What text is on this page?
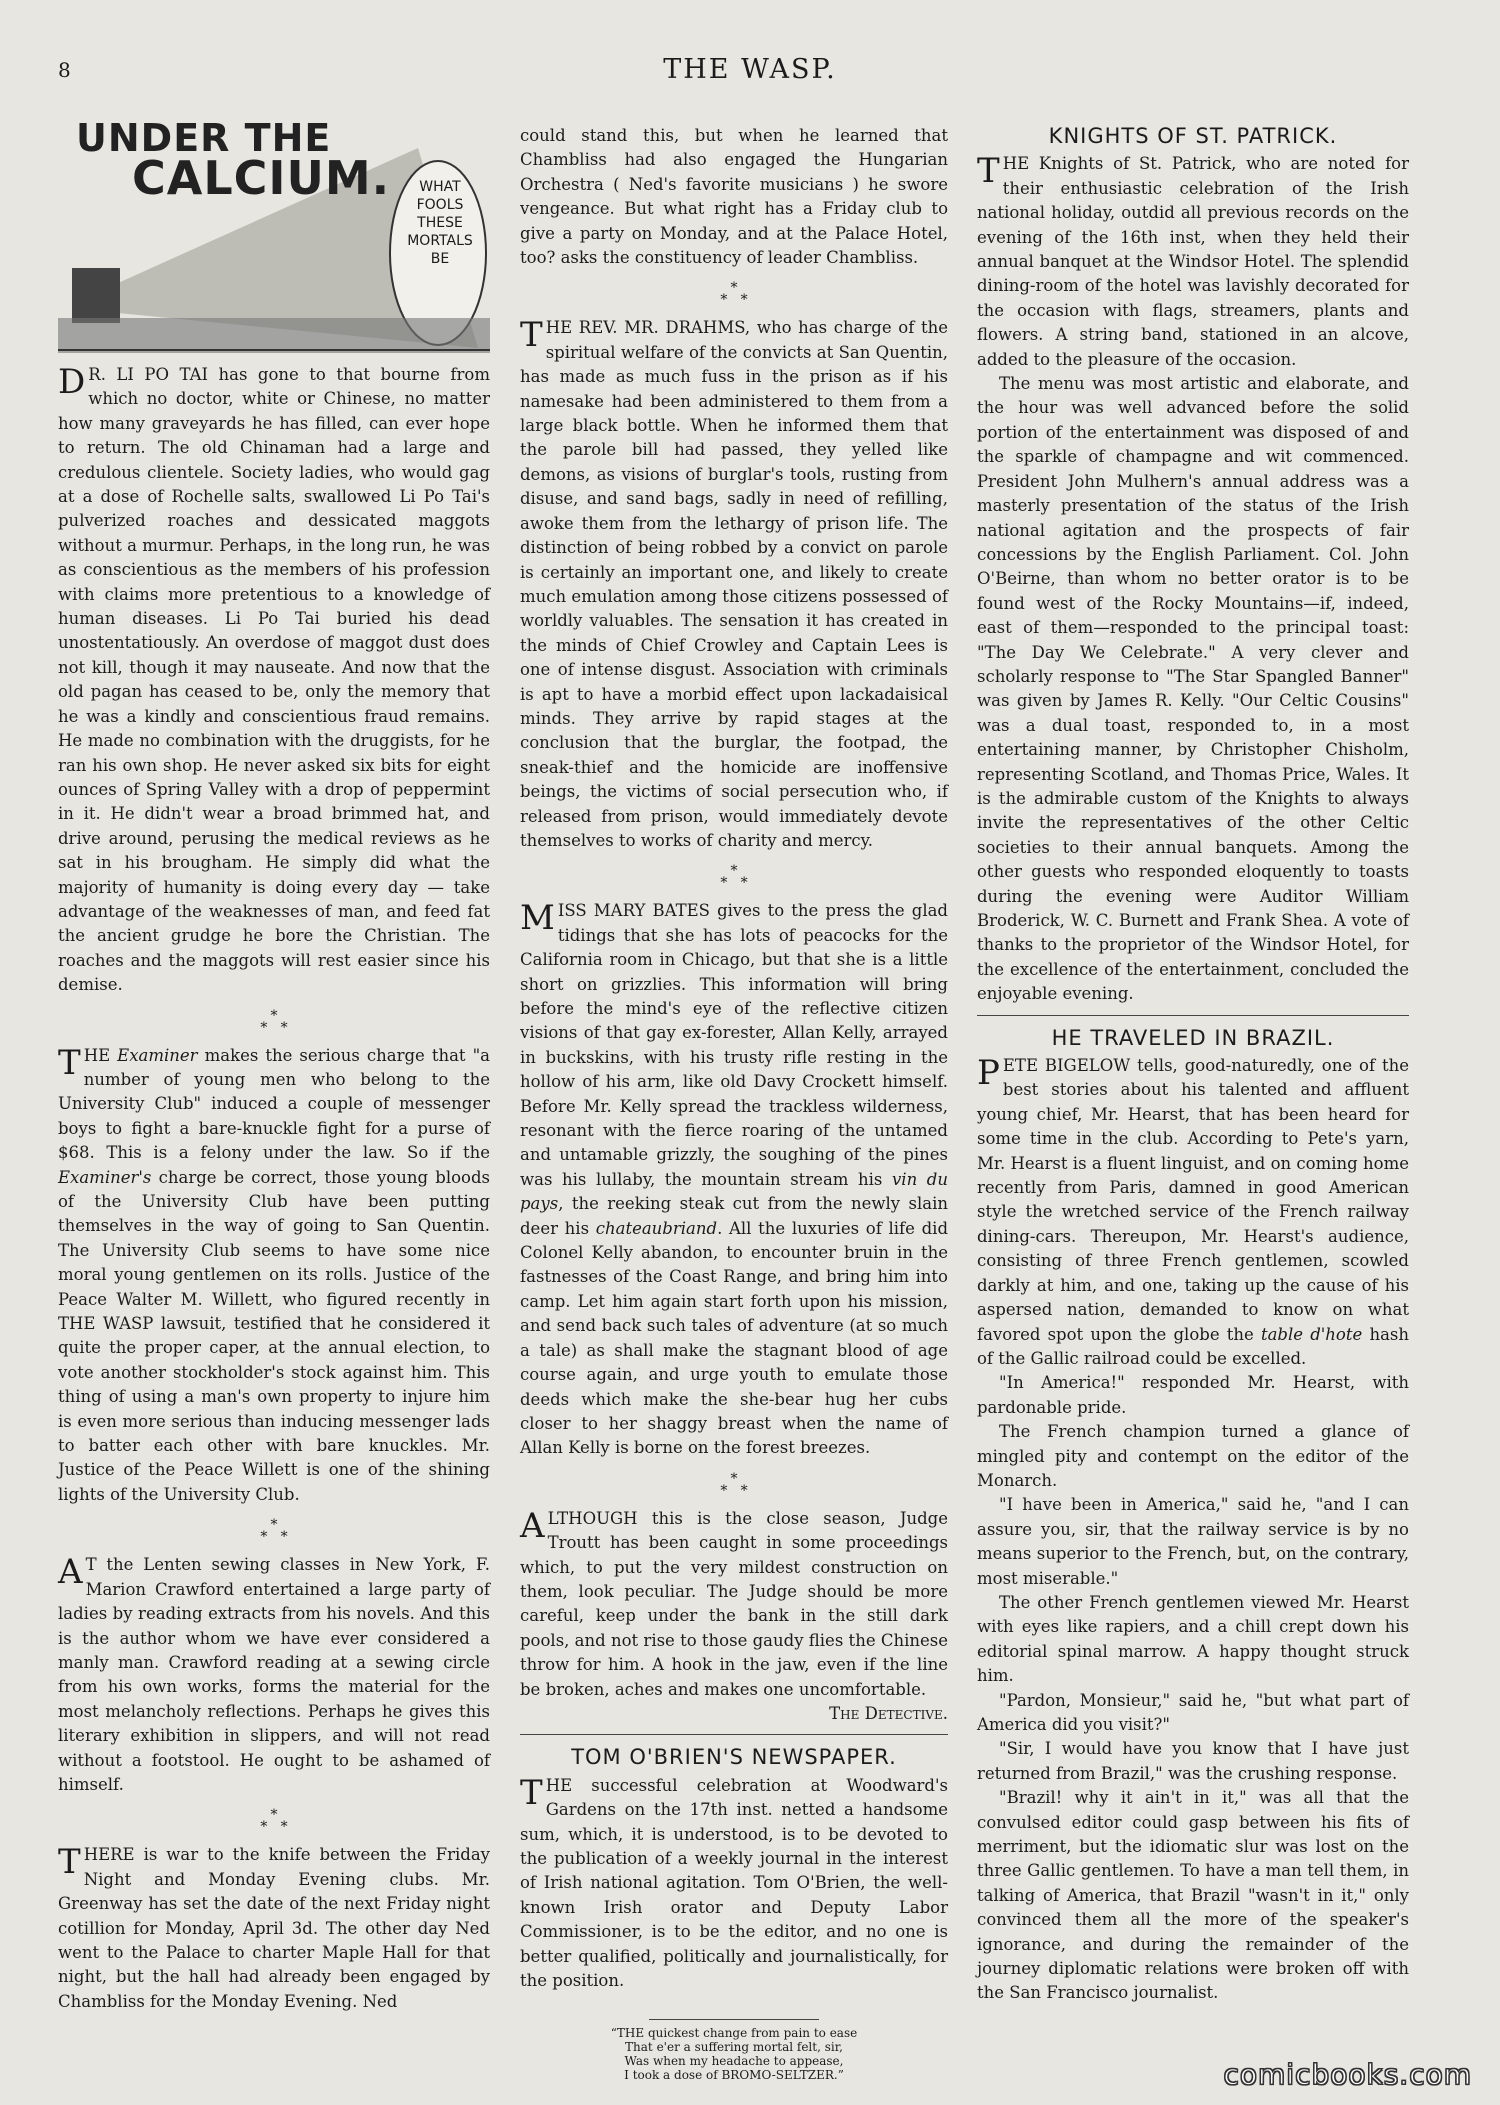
8	THE WASP.
UNDER THE
CALCIUM.	WHAT
FOOLS
THESE
MORTALS
BE

D R. LI PO TAI has gone to that bourne from which no doctor, white or Chinese, no matter how many graveyards he has filled, can ever hope to return. The old Chinaman had a large and credulous clientele. Society ladies, who would gag at a dose of Rochelle salts, swallowed Li Po Tai's pulverized roaches and dessicated maggots without a murmur. Perhaps, in the long run, he was as conscientious as the members of his profession with claims more pretentious to a knowledge of human diseases. Li Po Tai buried his dead unostentatiously. An overdose of maggot dust does not kill, though it may nauseate. And now that the old pagan has ceased to be, only the memory that he was a kindly and conscientious fraud remains. He made no combination with the druggists, for he ran his own shop. He never asked six bits for eight ounces of Spring Valley with a drop of peppermint in it. He didn't wear a broad brimmed hat, and drive around, perusing the medical reviews as he sat in his brougham. He simply did what the majority of humanity is doing every day — take advantage of the weaknesses of man, and feed fat the ancient grudge he bore the Christian. The roaches and the maggots will rest easier since his demise.

*
*   *

THE Examiner makes the serious charge that "a number of young men who belong to the University Club" induced a couple of messenger boys to fight a bare-knuckle fight for a purse of $68. This is a felony under the law. So if the Examiner's charge be correct, those young bloods of the University Club have been putting themselves in the way of going to San Quentin. The University Club seems to have some nice moral young gentlemen on its rolls. Justice of the Peace Walter M. Willett, who figured recently in THE WASP lawsuit, testified that he considered it quite the proper caper, at the annual election, to vote another stockholder's stock against him. This thing of using a man's own property to injure him is even more serious than inducing messenger lads to batter each other with bare knuckles. Mr. Justice of the Peace Willett is one of the shining lights of the University Club.

*
*   *

A T the Lenten sewing classes in New York, F. Marion Crawford entertained a large party of ladies by reading extracts from his novels. And this is the author whom we have ever considered a manly man. Crawford reading at a sewing circle from his own works, forms the material for the most melancholy reflections. Perhaps he gives this literary exhibition in slippers, and will not read without a footstool. He ought to be ashamed of himself.

*
*   *

THERE is war to the knife between the Friday Night and Monday Evening clubs. Mr. Greenway has set the date of the next Friday night cotillion for Monday, April 3d. The other day Ned went to the Palace to charter Maple Hall for that night, but the hall had already been engaged by Chambliss for the Monday Evening. Ned

could stand this, but when he learned that Chambliss had also engaged the Hungarian Orchestra ( Ned's favorite musicians ) he swore vengeance. But what right has a Friday club to give a party on Monday, and at the Palace Hotel, too? asks the constituency of leader Chambliss.

*
*   *

THE REV. MR. DRAHMS, who has charge of the spiritual welfare of the convicts at San Quentin, has made as much fuss in the prison as if his namesake had been administered to them from a large black bottle. When he informed them that the parole bill had passed, they yelled like demons, as visions of burglar's tools, rusting from disuse, and sand bags, sadly in need of refilling, awoke them from the lethargy of prison life. The distinction of being robbed by a convict on parole is certainly an important one, and likely to create much emulation among those citizens possessed of worldly valuables. The sensation it has created in the minds of Chief Crowley and Captain Lees is one of intense disgust. Association with criminals is apt to have a morbid effect upon lackadaisical minds. They arrive by rapid stages at the conclusion that the burglar, the footpad, the sneak-thief and the homicide are inoffensive beings, the victims of social persecution who, if released from prison, would immediately devote themselves to works of charity and mercy.

*
*   *

MISS MARY BATES gives to the press the glad tidings that she has lots of peacocks for the California room in Chicago, but that she is a little short on grizzlies. This information will bring before the mind's eye of the reflective citizen visions of that gay ex-forester, Allan Kelly, arrayed in buckskins, with his trusty rifle resting in the hollow of his arm, like old Davy Crockett himself. Before Mr. Kelly spread the trackless wilderness, resonant with the fierce roaring of the untamed and untamable grizzly, the soughing of the pines was his lullaby, the mountain stream his vin du pays, the reeking steak cut from the newly slain deer his chateaubriand. All the luxuries of life did Colonel Kelly abandon, to encounter bruin in the fastnesses of the Coast Range, and bring him into camp. Let him again start forth upon his mission, and send back such tales of adventure (at so much a tale) as shall make the stagnant blood of age course again, and urge youth to emulate those deeds which make the she-bear hug her cubs closer to her shaggy breast when the name of Allan Kelly is borne on the forest breezes.

*
*   *

ALTHOUGH this is the close season, Judge Troutt has been caught in some proceedings which, to put the very mildest construction on them, look peculiar. The Judge should be more careful, keep under the bank in the still dark pools, and not rise to those gaudy flies the Chinese throw for him. A hook in the jaw, even if the line be broken, aches and makes one uncomfortable.

The Detective.

TOM O'BRIEN'S NEWSPAPER.

THE successful celebration at Woodward's Gardens on the 17th inst. netted a handsome sum, which, it is understood, is to be devoted to the publication of a weekly journal in the interest of Irish national agitation. Tom O'Brien, the well-known Irish orator and Deputy Labor Commissioner, is to be the editor, and no one is better qualified, politically and journalistically, for the position.

“THE quickest change from pain to ease
That e'er a suffering mortal felt, sir,
Was when my headache to appease,
I took a dose of BROMO-SELTZER.”
KNIGHTS OF ST. PATRICK.

THE Knights of St. Patrick, who are noted for their enthusiastic celebration of the Irish national holiday, outdid all previous records on the evening of the 16th inst, when they held their annual banquet at the Windsor Hotel. The splendid dining-room of the hotel was lavishly decorated for the occasion with flags, streamers, plants and flowers. A string band, stationed in an alcove, added to the pleasure of the occasion.

The menu was most artistic and elaborate, and the hour was well advanced before the solid portion of the entertainment was disposed of and the sparkle of champagne and wit commenced. President John Mulhern's annual address was a masterly presentation of the status of the Irish national agitation and the prospects of fair concessions by the English Parliament. Col. John O'Beirne, than whom no better orator is to be found west of the Rocky Mountains—if, indeed, east of them—responded to the principal toast: "The Day We Celebrate." A very clever and scholarly response to "The Star Spangled Banner" was given by James R. Kelly. "Our Celtic Cousins" was a dual toast, responded to, in a most entertaining manner, by Christopher Chisholm, representing Scotland, and Thomas Price, Wales. It is the admirable custom of the Knights to always invite the representatives of the other Celtic societies to their annual banquets. Among the other guests who responded eloquently to toasts during the evening were Auditor William Broderick, W. C. Burnett and Frank Shea. A vote of thanks to the proprietor of the Windsor Hotel, for the excellence of the entertainment, concluded the enjoyable evening.

HE TRAVELED IN BRAZIL.

PETE BIGELOW tells, good-naturedly, one of the best stories about his talented and affluent young chief, Mr. Hearst, that has been heard for some time in the club. According to Pete's yarn, Mr. Hearst is a fluent linguist, and on coming home recently from Paris, damned in good American style the wretched service of the French railway dining-cars. Thereupon, Mr. Hearst's audience, consisting of three French gentlemen, scowled darkly at him, and one, taking up the cause of his aspersed nation, demanded to know on what favored spot upon the globe the table d'hote hash of the Gallic railroad could be excelled.

"In America!" responded Mr. Hearst, with pardonable pride.

The French champion turned a glance of mingled pity and contempt on the editor of the Monarch.

"I have been in America," said he, "and I can assure you, sir, that the railway service is by no means superior to the French, but, on the contrary, most miserable."

The other French gentlemen viewed Mr. Hearst with eyes like rapiers, and a chill crept down his editorial spinal marrow. A happy thought struck him.

"Pardon, Monsieur," said he, "but what part of America did you visit?"

"Sir, I would have you know that I have just returned from Brazil," was the crushing response.

"Brazil! why it ain't in it," was all that the convulsed editor could gasp between his fits of merriment, but the idiomatic slur was lost on the three Gallic gentlemen. To have a man tell them, in talking of America, that Brazil "wasn't in it," only convinced them all the more of the speaker's ignorance, and during the remainder of the journey diplomatic relations were broken off with the San Francisco journalist.

comicbooks.com
